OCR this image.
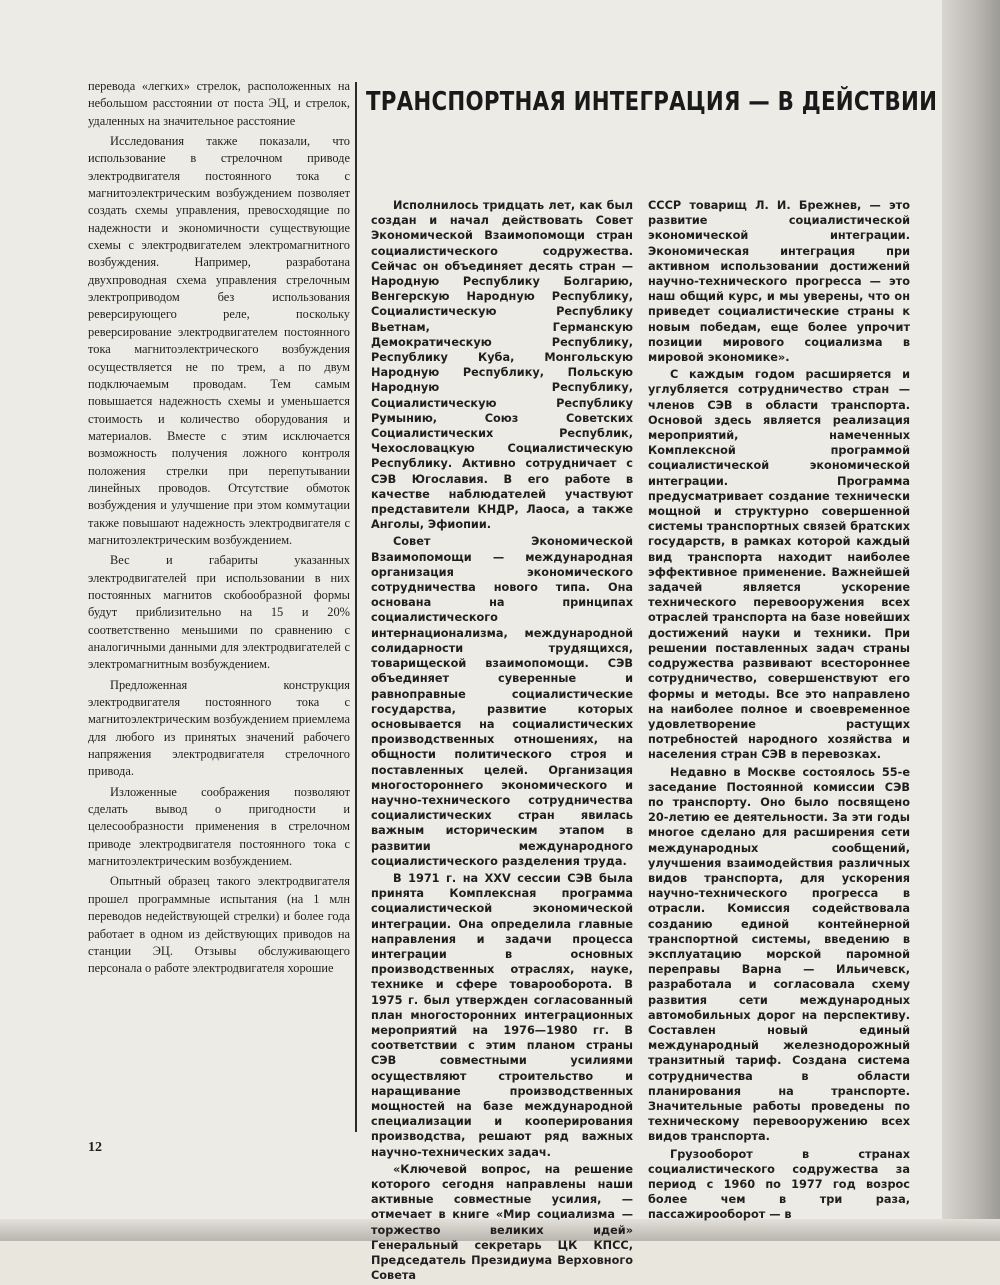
перевода «легких» стрелок, расположенных на небольшом расстоянии от поста ЭЦ, и стрелок, удаленных на значительное расстояние

Исследования также показали, что использование в стрелочном приводе электродвигателя постоянного тока с магнитоэлектрическим возбуждением позволяет создать схемы управления, превосходящие по надежности и экономичности существующие схемы с электродвигателем электромагнитного возбуждения. Например, разработана двухпроводная схема управления стрелочным электроприводом без использования реверсирующего реле, поскольку реверсирование электродвигателем постоянного тока магнитоэлектрического возбуждения осуществляется не по трем, а по двум подключаемым проводам. Тем самым повышается надежность схемы и уменьшается стоимость и количество оборудования и материалов. Вместе с этим исключается возможность получения ложного контроля положения стрелки при перепутывании линейных проводов. Отсутствие обмоток возбуждения и улучшение при этом коммутации также повышают надежность электродвигателя с магнитоэлектрическим возбуждением.

Вес и габариты указанных электродвигателей при использовании в них постоянных магнитов скобообразной формы будут приблизительно на 15 и 20% соответственно меньшими по сравнению с аналогичными данными для электродвигателей с электромагнитным возбуждением.

Предложенная конструкция электродвигателя постоянного тока с магнитоэлектрическим возбуждением приемлема для любого из принятых значений рабочего напряжения электродвигателя стрелочного привода.

Изложенные соображения позволяют сделать вывод о пригодности и целесообразности применения в стрелочном приводе электродвигателя постоянного тока с магнитоэлектрическим возбуждением.

Опытный образец такого электродвигателя прошел программные испытания (на 1 млн переводов недействующей стрелки) и более года работает в одном из действующих приводов на станции ЭЦ. Отзывы обслуживающего персонала о работе электродвигателя хорошие

ТРАНСПОРТНАЯ ИНТЕГРАЦИЯ — В ДЕЙСТВИИ

Исполнилось тридцать лет, как был создан и начал действовать Совет Экономической Взаимопомощи стран социалистического содружества. Сейчас он объединяет десять стран — Народную Республику Болгарию, Венгерскую Народную Республику, Социалистическую Республику Вьетнам, Германскую Демократическую Республику, Республику Куба, Монгольскую Народную Республику, Польскую Народную Республику, Социалистическую Республику Румынию, Союз Советских Социалистических Республик, Чехословацкую Социалистическую Республику. Активно сотрудничает с СЭВ Югославия. В его работе в качестве наблюдателей участвуют представители КНДР, Лаоса, а также Анголы, Эфиопии.

Совет Экономической Взаимопомощи — международная организация экономического сотрудничества нового типа. Она основана на принципах социалистического интернационализма, международной солидарности трудящихся, товарищеской взаимопомощи. СЭВ объединяет суверенные и равноправные социалистические государства, развитие которых основывается на социалистических производственных отношениях, на общности политического строя и поставленных целей. Организация многостороннего экономического и научно-технического сотрудничества социалистических стран явилась важным историческим этапом в развитии международного социалистического разделения труда.

В 1971 г. на XXV сессии СЭВ была принята Комплексная программа социалистической экономической интеграции. Она определила главные направления и задачи процесса интеграции в основных производственных отраслях, науке, технике и сфере товарооборота. В 1975 г. был утвержден согласованный план многосторонних интеграционных мероприятий на 1976—1980 гг. В соответствии с этим планом страны СЭВ совместными усилиями осуществляют строительство и наращивание производственных мощностей на базе международной специализации и кооперирования производства, решают ряд важных научно-технических задач.

«Ключевой вопрос, на решение которого сегодня направлены наши активные совместные усилия, — отмечает в книге «Мир социализма — торжество великих идей» Генеральный секретарь ЦК КПСС, Председатель Президиума Верховного Совета

СССР товарищ Л. И. Брежнев, — это развитие социалистической экономической интеграции. Экономическая интеграция при активном использовании достижений научно-технического прогресса — это наш общий курс, и мы уверены, что он приведет социалистические страны к новым победам, еще более упрочит позиции мирового социализма в мировой экономике».

С каждым годом расширяется и углубляется сотрудничество стран — членов СЭВ в области транспорта. Основой здесь является реализация мероприятий, намеченных Комплексной программой социалистической экономической интеграции. Программа предусматривает создание технически мощной и структурно совершенной системы транспортных связей братских государств, в рамках которой каждый вид транспорта находит наиболее эффективное применение. Важнейшей задачей является ускорение технического перевооружения всех отраслей транспорта на базе новейших достижений науки и техники. При решении поставленных задач страны содружества развивают всестороннее сотрудничество, совершенствуют его формы и методы. Все это направлено на наиболее полное и своевременное удовлетворение растущих потребностей народного хозяйства и населения стран СЭВ в перевозках.

Недавно в Москве состоялось 55-е заседание Постоянной комиссии СЭВ по транспорту. Оно было посвящено 20-летию ее деятельности. За эти годы многое сделано для расширения сети международных сообщений, улучшения взаимодействия различных видов транспорта, для ускорения научно-технического прогресса в отрасли. Комиссия содействовала созданию единой контейнерной транспортной системы, введению в эксплуатацию морской паромной переправы Варна — Ильичевск, разработала и согласовала схему развития сети международных автомобильных дорог на перспективу. Составлен новый единый международный железнодорожный транзитный тариф. Создана система сотрудничества в области планирования на транспорте. Значительные работы проведены по техническому перевооружению всех видов транспорта.

Грузооборот в странах социалистического содружества за период с 1960 по 1977 год возрос более чем в три раза, пассажирооборот — в

12
